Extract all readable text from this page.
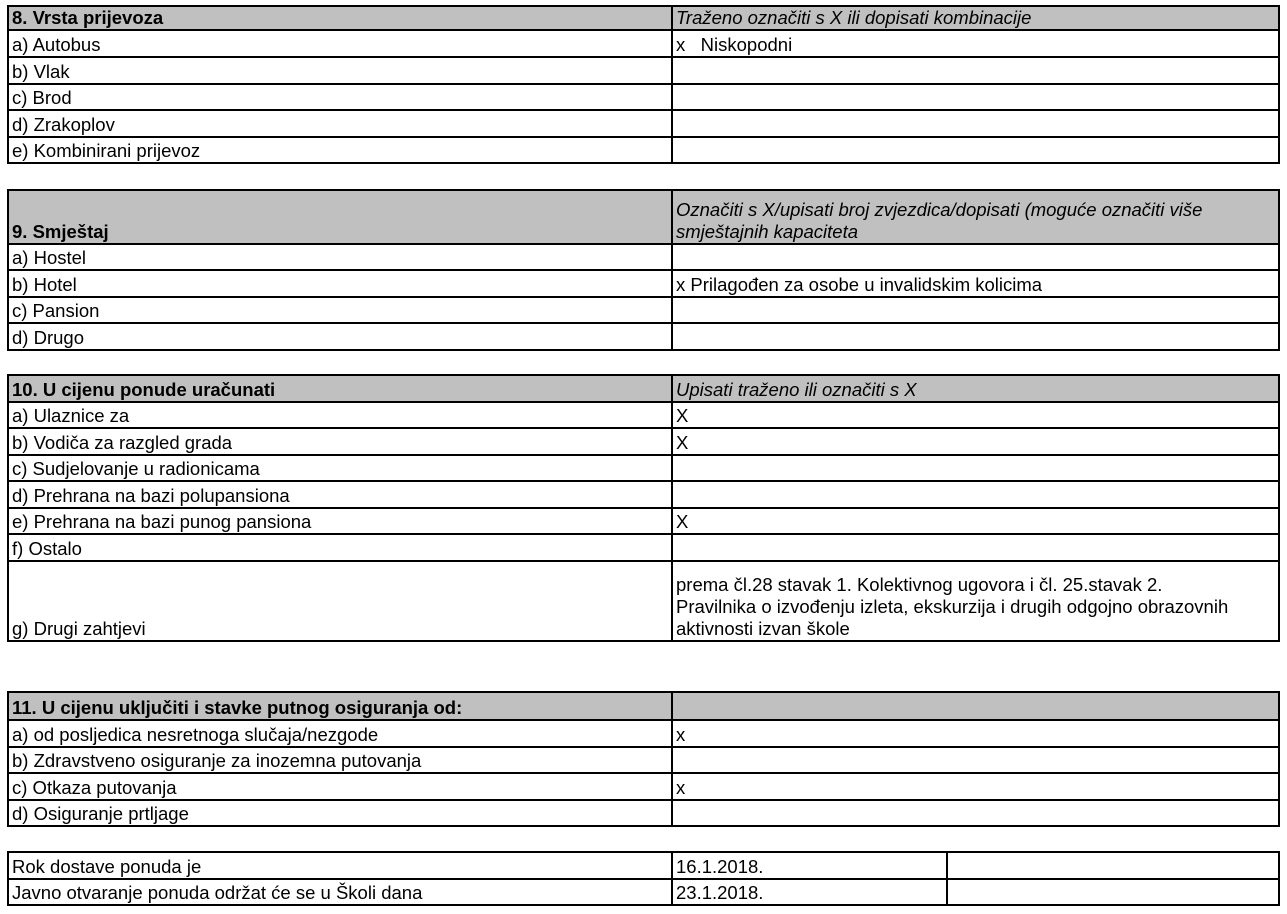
8. Vrsta prijevoza	Traženo označiti s X ili dopisati kombinacije
a) Autobus	x   Niskopodni
b) Vlak	
c) Brod	
d) Zrakoplov	
e) Kombinirani prijevoz	
9. Smještaj	Označiti s X/upisati broj zvjezdica/dopisati (moguće označiti više smještajnih kapaciteta
a) Hostel	
b) Hotel	x Prilagođen za osobe u invalidskim kolicima
c) Pansion	
d) Drugo	
10. U cijenu ponude uračunati	Upisati traženo ili označiti s X
a) Ulaznice za	X
b) Vodiča za razgled grada	X
c) Sudjelovanje u radionicama	
d) Prehrana na bazi polupansiona	
e) Prehrana na bazi punog pansiona	X
f) Ostalo	
g) Drugi zahtjevi	prema čl.28 stavak 1. Kolektivnog ugovora i čl. 25.stavak 2. Pravilnika o izvođenju izleta, ekskurzija i drugih odgojno obrazovnih aktivnosti izvan škole
11. U cijenu uključiti i stavke putnog osiguranja od:	
a) od posljedica nesretnoga slučaja/nezgode	x
b) Zdravstveno osiguranje za inozemna putovanja	
c) Otkaza putovanja	x
d) Osiguranje prtljage	
Rok dostave ponuda je	16.1.2018.	
Javno otvaranje ponuda održat će se u Školi dana	23.1.2018.	
